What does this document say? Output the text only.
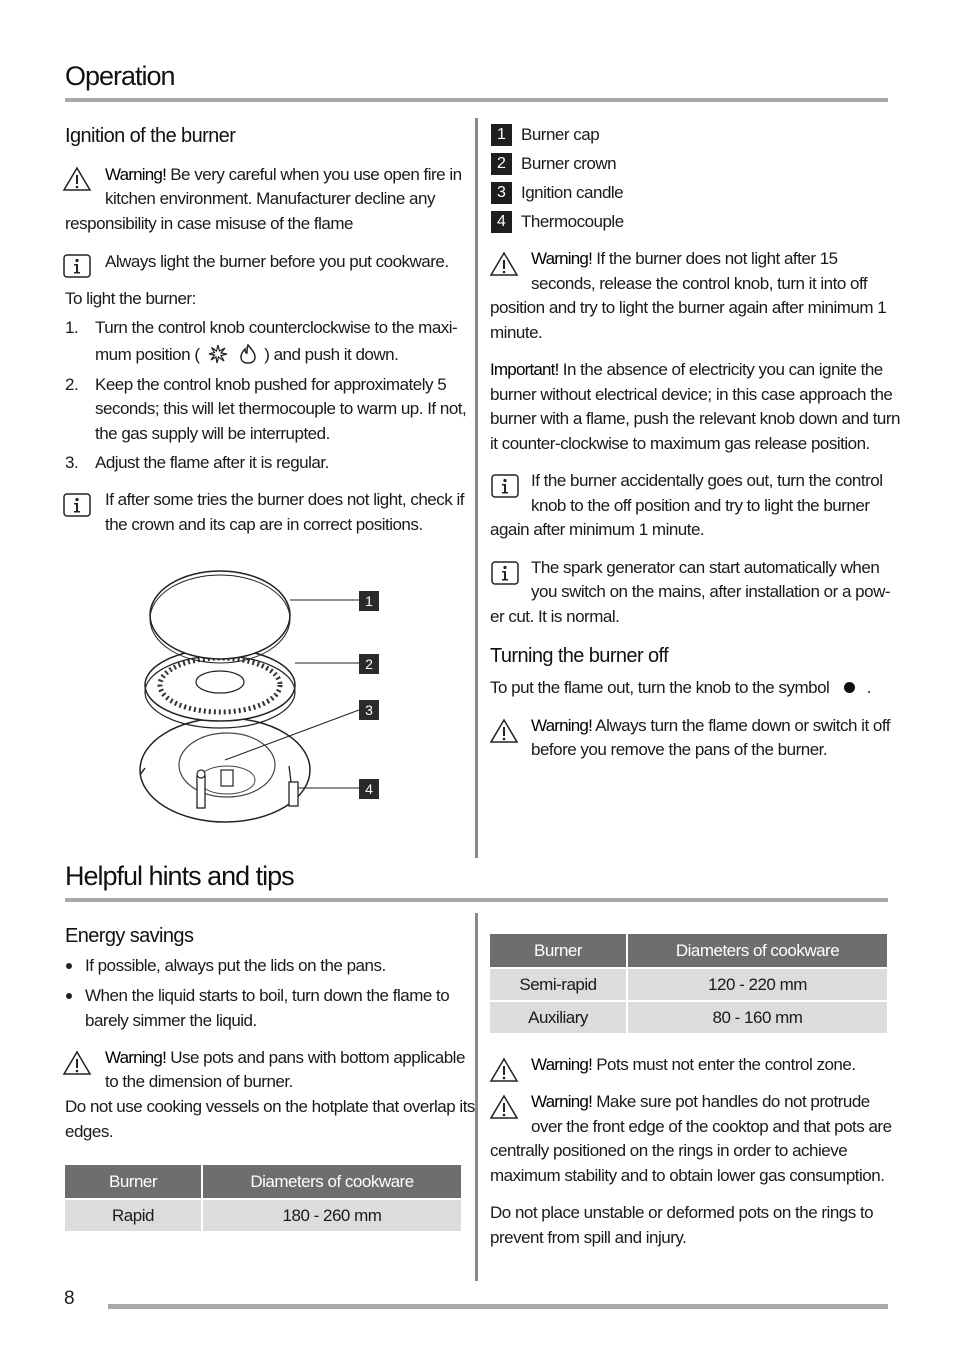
Operation
Ignition of the burner
Warning! Be very careful when you use open fire in
kitchen environment. Manufacturer decline any
responsibility in case misuse of the flame
Always light the burner before you put cookware.
To light the burner:
1. Turn the control knob counterclockwise to the maxi-
mum position (	) and push it down.
2. Keep the control knob pushed for approximately 5
seconds; this will let thermocouple to warm up. If not,
the gas supply will be interrupted.
3. Adjust the flame after it is regular.
If after some tries the burner does not light, check if
the crown and its cap are in correct positions.
1
2
3
4
1 Burner cap
2 Burner crown
3 Ignition candle
4 Thermocouple
Warning! If the burner does not light after 15
seconds, release the control knob, turn it into off
position and try to light the burner again after minimum 1
minute.
Important! In the absence of electricity you can ignite the
burner without electrical device; in this case approach the
burner with a flame, push the relevant knob down and turn
it counter-clockwise to maximum gas release position.
If the burner accidentally goes out, turn the control
knob to the off position and try to light the burner
again after minimum 1 minute.
The spark generator can start automatically when
you switch on the mains, after installation or a pow-
er cut. It is normal.
Turning the burner off
To put the flame out, turn the knob to the symbol .
Warning! Always turn the flame down or switch it off
before you remove the pans of the burner.
Helpful hints and tips
Energy savings
If possible, always put the lids on the pans.
When the liquid starts to boil, turn down the flame to
barely simmer the liquid.
Warning! Use pots and pans with bottom applicable
to the dimension of burner.
Do not use cooking vessels on the hotplate that overlap its
edges.
Burner	Diameters of cookware
Rapid	180 - 260 mm
Burner	Diameters of cookware
Semi-rapid	120 - 220 mm
Auxiliary	80 - 160 mm
Warning! Pots must not enter the control zone.
Warning! Make sure pot handles do not protrude
over the front edge of the cooktop and that pots are
centrally positioned on the rings in order to achieve
maximum stability and to obtain lower gas consumption.
Do not place unstable or deformed pots on the rings to
prevent from spill and injury.
8
